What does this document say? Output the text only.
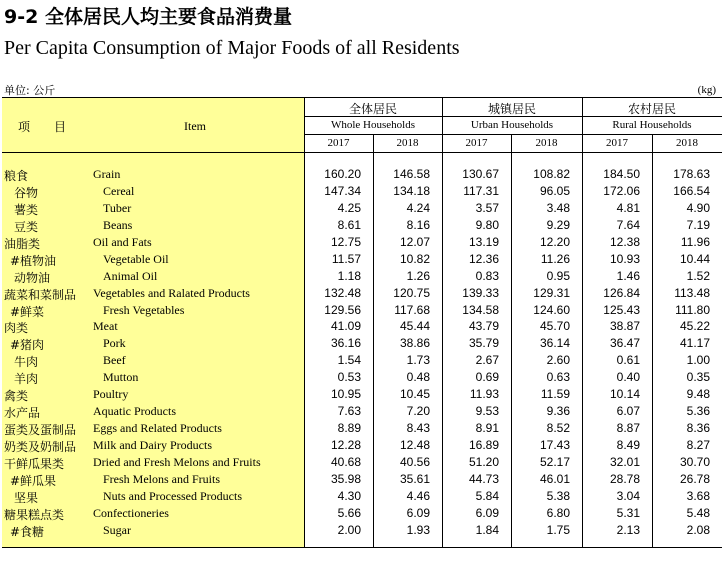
9-2 全体居民人均主要食品消费量
Per Capita Consumption of Major Foods of all Residents
单位: 公斤	(kg)
项　　目	Item
全体居民
Whole Households
城镇居民
Urban Households
农村居民
Rural Households
2017	2018	2017	2018	2017	2018
粮食	Grain	160.20	146.58	130.67	108.82	184.50	178.63
谷物	Cereal	147.34	134.18	117.31	96.05	172.06	166.54
薯类	Tuber	4.25	4.24	3.57	3.48	4.81	4.90
豆类	Beans	8.61	8.16	9.80	9.29	7.64	7.19
油脂类	Oil and Fats	12.75	12.07	13.19	12.20	12.38	11.96
#植物油	Vegetable Oil	11.57	10.82	12.36	11.26	10.93	10.44
动物油	Animal Oil	1.18	1.26	0.83	0.95	1.46	1.52
蔬菜和菜制品 Vegetables and Ralated Products	132.48	120.75	139.33	129.31	126.84	113.48
#鲜菜	Fresh Vegetables	129.56	117.68	134.58	124.60	125.43	111.80
肉类	Meat	41.09	45.44	43.79	45.70	38.87	45.22
#猪肉	Pork	36.16	38.86	35.79	36.14	36.47	41.17
牛肉	Beef	1.54	1.73	2.67	2.60	0.61	1.00
羊肉	Mutton	0.53	0.48	0.69	0.63	0.40	0.35
禽类	Poultry	10.95	10.45	11.93	11.59	10.14	9.48
水产品	Aquatic Products	7.63	7.20	9.53	9.36	6.07	5.36
蛋类及蛋制品 Eggs and Related Products	8.89	8.43	8.91	8.52	8.87	8.36
奶类及奶制品 Milk and Dairy Products	12.28	12.48	16.89	17.43	8.49	8.27
干鲜瓜果类 Dried and Fresh Melons and Fruits	40.68	40.56	51.20	52.17	32.01	30.70
#鲜瓜果	Fresh Melons and Fruits	35.98	35.61	44.73	46.01	28.78	26.78
坚果	Nuts and Processed Products	4.30	4.46	5.84	5.38	3.04	3.68
糖果糕点类 Confectioneries	5.66	6.09	6.09	6.80	5.31	5.48
#食糖	Sugar	2.00	1.93	1.84	1.75	2.13	2.08
